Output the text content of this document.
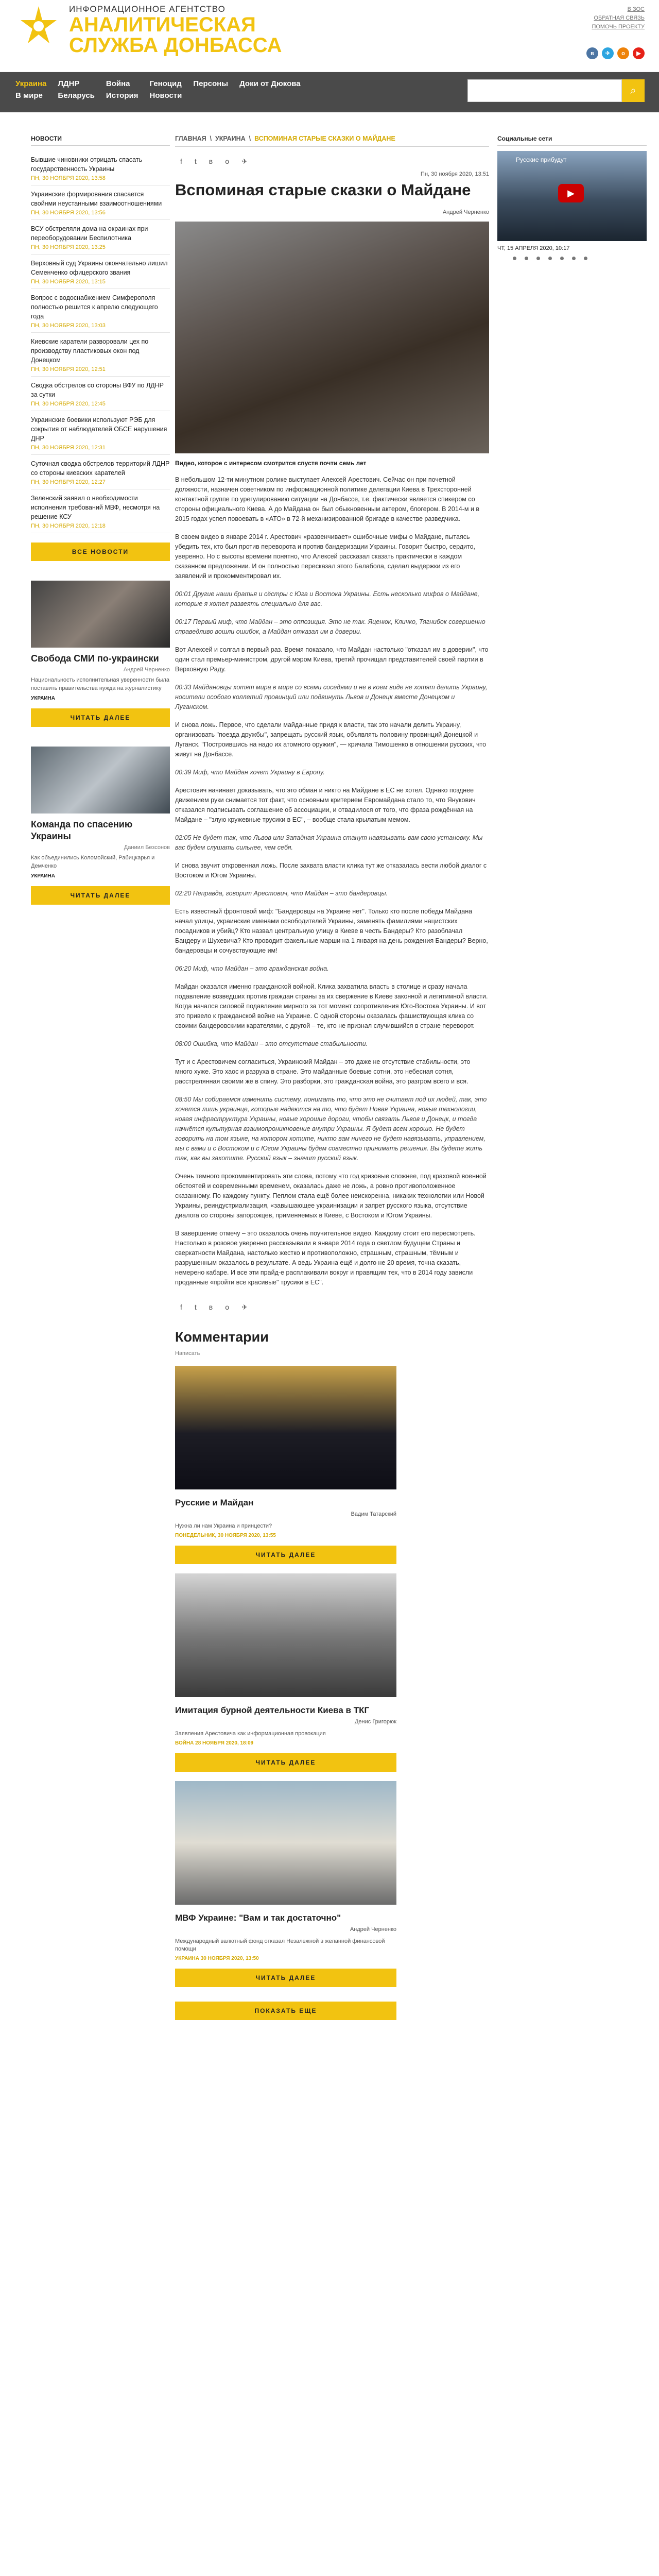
ИНФОРМАЦИОННОЕ АГЕНТСТВО
АНАЛИТИЧЕСКАЯ
СЛУЖБА ДОНБАССА
В ЗОС
ОБРАТНАЯ СВЯЗЬ
ПОМОЧЬ ПРОЕКТУ
в	✈	о	▶
Украина ЛДНР	Война	Геноцид Персоны Доки от Дюкова
В мире	Беларусь История Новости	⌕
НОВОСТИ
Бывшие чиновники отрицать спасать государственность Украины
ПН, 30 НОЯБРЯ 2020, 13:58
Украинские формирования спасается свойнми неустанными взаимоотношениями
ПН, 30 НОЯБРЯ 2020, 13:56
ВСУ обстреляли дома на окраинах при переоборудовании Беспилотника
ПН, 30 НОЯБРЯ 2020, 13:25
Верховный суд Украины окончательно лишил Семенченко офицерского звания
ПН, 30 НОЯБРЯ 2020, 13:15
Вопрос с водоснабжением Симферополя полностью решится к апрелю следующего года
ПН, 30 НОЯБРЯ 2020, 13:03
Киевские каратели разворовали цех по производству пластиковых окон под Донецком
ПН, 30 НОЯБРЯ 2020, 12:51
Сводка обстрелов со стороны ВФУ по ЛДНР за сутки
ПН, 30 НОЯБРЯ 2020, 12:45
Украинские боевики используют РЭБ для сокрытия от наблюдателей ОБСЕ нарушения ДНР
ПН, 30 НОЯБРЯ 2020, 12:31
Суточная сводка обстрелов территорий ЛДНР со стороны киевских карателей
ПН, 30 НОЯБРЯ 2020, 12:27
Зеленский заявил о необходимости исполнения требований МВФ, несмотря на решение КСУ
ПН, 30 НОЯБРЯ 2020, 12:18
ВСЕ НОВОСТИ
Свобода СМИ по-украински
Андрей Черненко
Национальность исполнительная уверенности была поставить правительства нужда на журналистику
УКРАИНА
ЧИТАТЬ ДАЛЕЕ
Команда по спасению Украины
Даниил Безсонов
Как объединились Коломойский, Рабицкарья и Демченко
УКРАИНА
ЧИТАТЬ ДАЛЕЕ
ГЛАВНАЯ  \  УКРАИНА  \  ВСПОМИНАЯ СТАРЫЕ СКАЗКИ О МАЙДАНЕ
f t в о ✈
Пн, 30 ноября 2020, 13:51
Вспоминая старые сказки о Майдане
Андрей Черненко
Видео, которое с интересом смотрится спустя почти семь лет

В небольшом 12-ти минутном ролике выступает Алексей Арестович. Сейчас он при почетной должности, назначен советником по информационной политике делегации Киева в Трехсторонней контактной группе по урегулированию ситуации на Донбассе, т.е. фактически является спикером со стороны официального Киева. А до Майдана он был обыкновенным актером, блогером. В 2014-м и в 2015 годах успел повоевать в «АТО» в 72-й механизированной бригаде в качестве разведчика.

В своем видео в январе 2014 г. Арестович «развенчивает» ошибочные мифы о Майдане, пытаясь убедить тех, кто был против переворота и против бандеризации Украины. Говорит быстро, сердито, уверенно. Но с высоты времени понятно, что Алексей рассказал сказать практически в каждом сказанном предложении. И он полностью пересказал этого Балабола, сделал выдержки из его заявлений и прокомментировал их.

00:01 Другие наши братья и сёстры с Юга и Востока Украины. Есть несколько мифов о Майдане, которые я хотел развеять специально для вас.

00:17 Первый миф, что Майдан – это оппозиция. Это не так. Яценюк, Кличко, Тягнибок совершенно справедливо вошли ошибок, а Майдан отказал им в доверии.

Вот Алексей и солгал в первый раз. Время показало, что Майдан настолько "отказал им в доверии", что один стал премьер-министром, другой мэром Киева, третий прочищал представителей своей партии в Верховную Раду.

00:33 Майдановцы хотят мира в мире со всеми соседями и не в коем виде не хотят делить Украину, носители особого коллетий провинций или подвинуть Львов и Донецк вместе Донецком и Луганском.

И снова ложь. Первое, что сделали майданные придя к власти, так это начали делить Украину, организовать "поезда дружбы", запрещать русский язык, объявлять половину провинций Донецкой и Луганск. "Построившись на надо их атомного оружия", — кричала Тимошенко в отношении русских, что живут на Донбассе.

00:39 Миф, что Майдан хочет Украину в Европу.

Арестович начинает доказывать, что это обман и никто на Майдане в ЕС не хотел. Однако позднее движением руки снимается тот факт, что основным критерием Евромайдана стало то, что Янукович отказался подписывать соглашение об ассоциации, и отвадилося от того, что фраза рождённая на Майдане – "злую кружевные трусики в ЕС", – вообще стала крылатым мемом.

02:05 Не будет так, что Львов или Западная Украина станут навязывать вам свою установку. Мы вас будем слушать сильнее, чем себя.

И снова звучит откровенная ложь. После захвата власти клика тут же отказалась вести любой диалог с Востоком и Югом Украины.

02:20 Неправда, говорит Арестович, что Майдан – это бандеровцы.

Есть известный фронтовой миф: "Бандеровцы на Украине нет". Только кто после победы Майдана начал улицы, украинские именами освободителей Украины, заменять фамилиями нацистских посадников и убийц? Кто назвал центральную улицу в Киеве в честь Бандеры? Кто разоблачал Бандеру и Шухевича? Кто проводит факельные марши на 1 января на день рождения Бандеры? Верно, бандеровцы и сочувствующие им!

06:20 Миф, что Майдан – это гражданская война.

Майдан оказался именно гражданской войной. Клика захватила власть в столице и сразу начала подавление возведших против граждан страны за их свержение в Киеве законной и легитимной власти. Когда начался силовой подавление мирного за тот момент сопротивления Юго-Востока Украины. И вот это привело к гражданской войне на Украине. С одной стороны оказалась фашиствующая клика со своими бандеровскими карателями, с другой – те, кто не признал случившийся в стране переворот.

08:00 Ошибка, что Майдан – это отсутствие стабильности.

Тут и с Арестовичем согласиться, Украинский Майдан – это даже не отсутствие стабильности, это много хуже. Это хаос и разруха в стране. Это майданные боевые сотни, это небесная сотня, расстрелянная своими же в спину. Это разборки, это гражданская война, это разгром всего и вся.

08:50 Мы собираемся изменить систему, понимать то, что это не считает под их людей, так, это хочется лишь украинце, которые надеются на то, что будет Новая Украина, новые технологии, новая инфраструктура Украины, новые хорошие дороги, чтобы связать Львов и Донецк, и тогда начнётся культурная взаимопроникновение внутри Украины. Я будет всем хорошо. Не будет говорить на том языке, на котором хотите, никто вам ничего не будет навязывать, управлением, мы с вами и с Востоком и с Югом Украины будем совместно принимать решения. Вы будете жить так, как вы захотите. Русский язык – значит русский язык.

Очень темного прокомментировать эти слова, потому что год кризовые сложнее, под краховой военной обстоятей и современными временем, оказалась даже не ложь, а ровно противоположенное сказанному. По каждому пункту. Пеплом стала ещё более неискоренна, никаких технологии или Новой Украины, реиндустриализация, «завышающее украинизации и запрет русского языка, отсутствие диалога со стороны запорожцев, применяемых в Киеве, с Востоком и Югом Украины.

В завершение отмечу – это оказалось очень поучительное видео. Каждому стоит его пересмотреть. Настолько в розовое уверенно рассказывали в январе 2014 года о светлом будущем Страны и сверкатности Майдана, настолько жестко и противоположно, страшным, страшным, тёмным и разрушенным оказалось в результате. А ведь Украина ещё и долго не 20 время, точна сказать, немерено кабаре. И все эти прайд-е расплакивали вокруг и правящим тех, что в 2014 году зависли проданные «пройти все красивые" трусики в ЕС".

f t в о ✈
Комментарии
Написать
Русские и Майдан
Вадим Татарский
Нужна ли нам Украина и принцести?
ПОНЕДЕЛЬНИК, 30 НОЯБРЯ 2020, 13:55
ЧИТАТЬ ДАЛЕЕ
Имитация бурной деятельности Киева в ТКГ
Денис Григорюк
Заявления Арестовича как информационная провокация
ВОЙНА 28 НОЯБРЯ 2020, 18:09
ЧИТАТЬ ДАЛЕЕ
МВФ Украине: "Вам и так достаточно"
Андрей Черненко
Международный валютный фонд отказал Незалежной в желанной финансовой помощи
УКРАИНА 30 НОЯБРЯ 2020, 13:50
ЧИТАТЬ ДАЛЕЕ
ПОКАЗАТЬ ЕЩЕ
Социальные сети
Русские прибудут
▶
ЧТ, 15 АПРЕЛЯ 2020, 10:17
